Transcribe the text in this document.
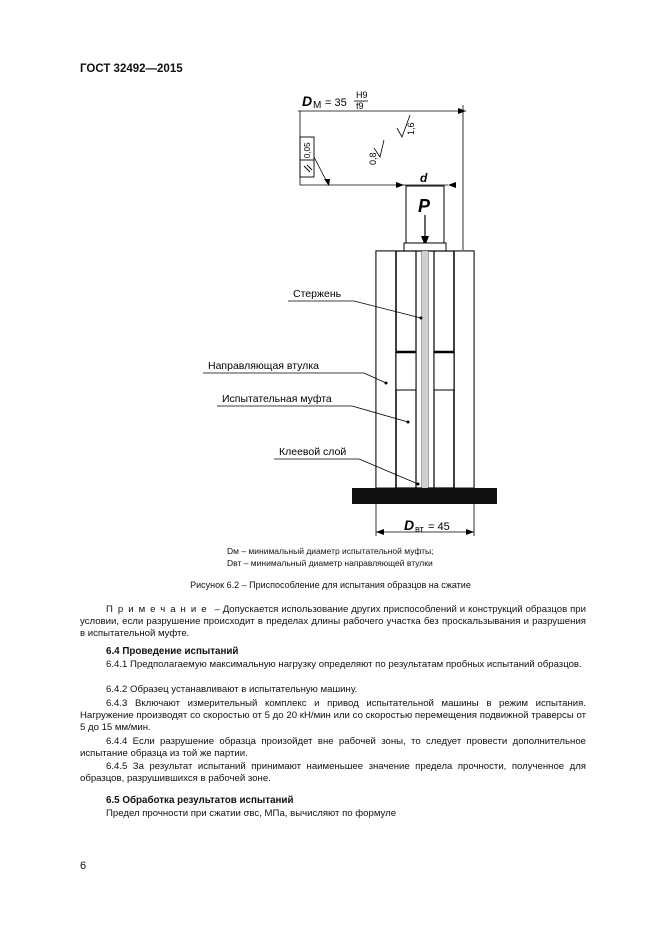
ГОСТ 32492—2015
D М = 35
H9
f9
0,05
1,6
0,8
d
P
D вт = 45
Стержень
Направляющая втулка
Испытательная муфта
Клеевой слой
Dм – минимальный диаметр испытательной муфты;
Dвт – минимальный диаметр направляющей втулки
Рисунок 6.2 – Приспособление для испытания образцов на сжатие
Примечание – Допускается использование других приспособлений и конструкций образцов при условии, если разрушение происходит в пределах длины рабочего участка без проскальзывания и разрушения в испытательной муфте.
6.4 Проведение испытаний
6.4.1 Предполагаемую максимальную нагрузку определяют по результатам пробных испытаний образцов.
6.4.2 Образец устанавливают в испытательную машину.
6.4.3 Включают измерительный комплекс и привод испытательной машины в режим испытания. Нагружение производят со скоростью от 5 до 20 кН/мин или со скоростью перемещения подвижной траверсы от 5 до 15 мм/мин.
6.4.4 Если разрушение образца произойдет вне рабочей зоны, то следует провести дополнительное испытание образца из той же партии.
6.4.5 За результат испытаний принимают наименьшее значение предела прочности, полученное для образцов, разрушившихся в рабочей зоне.
6.5 Обработка результатов испытаний
Предел прочности при сжатии σвс, МПа, вычисляют по формуле
6
